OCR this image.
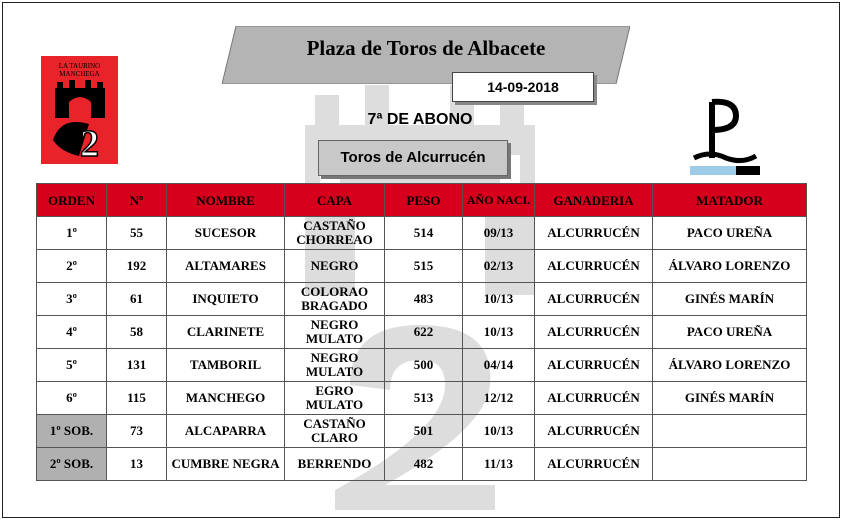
LA TAURINO
MANCHEGA
2
Plaza de Toros de Albacete
14-09-2018
7ª DE ABONO
Toros de Alcurrucén
ORDEN	Nº	NOMBRE	CAPA	PESO	AÑO NACI.	GANADERIA	MATADOR
1º	55	SUCESOR	CASTAÑO CHORREAO	514	09/13	ALCURRUCÉN	PACO UREÑA
2º	192	ALTAMARES	NEGRO	515	02/13	ALCURRUCÉN	ÁLVARO LORENZO
3º	61	INQUIETO	COLORAO BRAGADO	483	10/13	ALCURRUCÉN	GINÉS MARÍN
4º	58	CLARINETE	NEGRO MULATO	622	10/13	ALCURRUCÉN	PACO UREÑA
5º	131	TAMBORIL	NEGRO MULATO	500	04/14	ALCURRUCÉN	ÁLVARO LORENZO
6º	115	MANCHEGO	EGRO MULATO	513	12/12	ALCURRUCÉN	GINÉS MARÍN
1º SOB.	73	ALCAPARRA	CASTAÑO CLARO	501	10/13	ALCURRUCÉN	
2º SOB.	13	CUMBRE NEGRA	BERRENDO	482	11/13	ALCURRUCÉN	
